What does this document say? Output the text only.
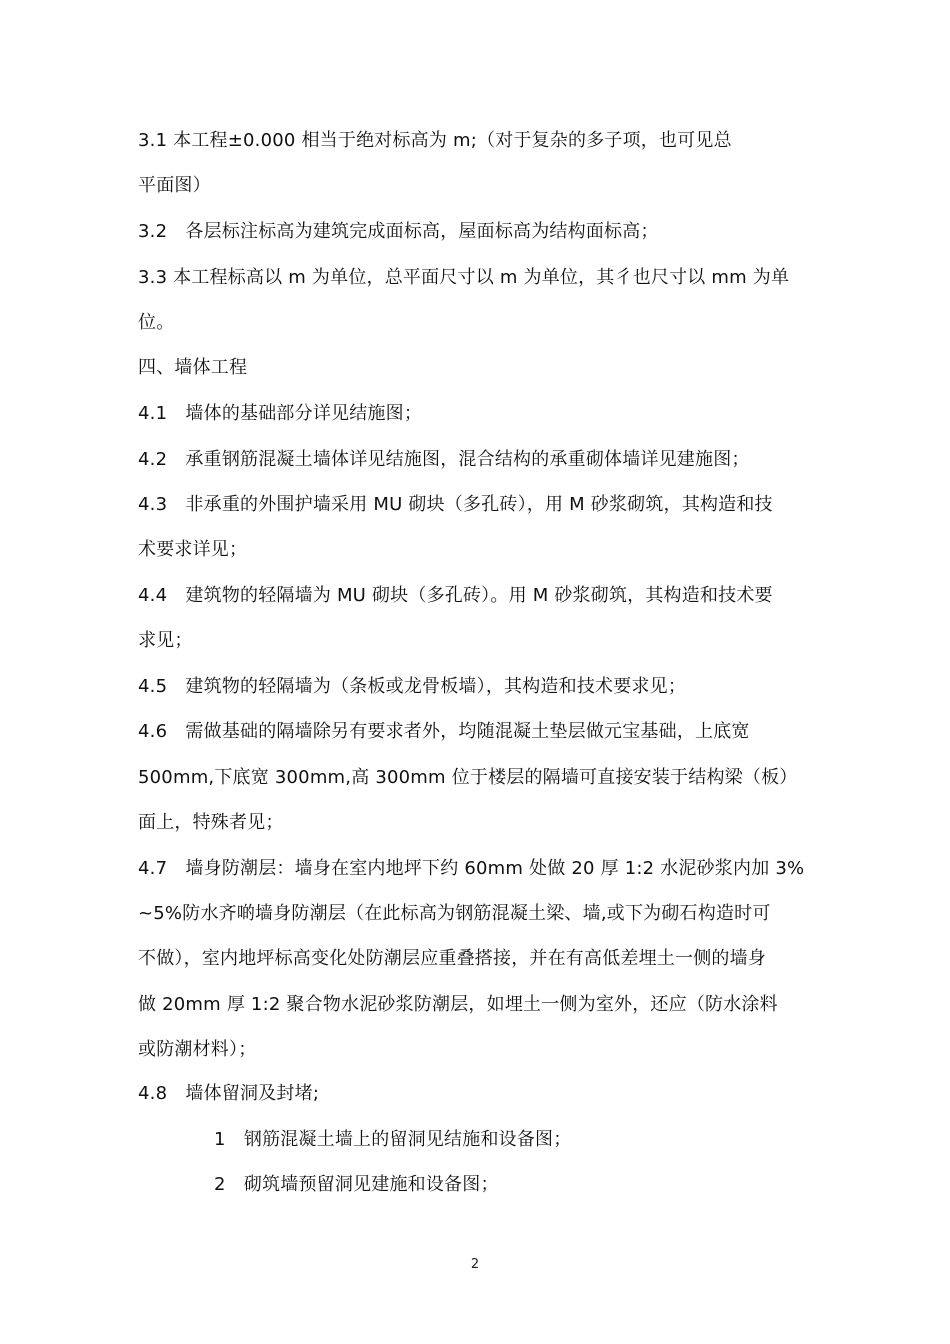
3.1 本工程±0.000 相当于绝对标高为 m;（对于复杂的多子项，也可见总
平面图）
3.2　各层标注标高为建筑完成面标高，屋面标高为结构面标高；
3.3 本工程标高以 m 为单位，总平面尺寸以 m 为单位，其彳也尺寸以 mm 为单
位。
四、墙体工程
4.1　墙体的基础部分详见结施图；
4.2　承重钢筋混凝土墙体详见结施图，混合结构的承重砌体墙详见建施图；
4.3　非承重的外围护墙采用 MU 砌块（多孔砖），用 M 砂浆砌筑，其构造和技
术要求详见；
4.4　建筑物的轻隔墙为 MU 砌块（多孔砖）。用 M 砂浆砌筑，其构造和技术要
求见；
4.5　建筑物的轻隔墙为（条板或龙骨板墙），其构造和技术要求见；
4.6　需做基础的隔墙除另有要求者外，均随混凝土垫层做元宝基础，上底宽
500mm,下底宽 300mm,高 300mm 位于楼层的隔墙可直接安装于结构梁（板）
面上，特殊者见；
4.7　墙身防潮层：墙身在室内地坪下约 60mm 处做 20 厚 1:2 水泥砂浆内加 3%
~5%防水齐啲墙身防潮层（在此标高为钢筋混凝土梁、墙,或下为砌石构造时可
不做），室内地坪标高变化处防潮层应重叠搭接，并在有高低差埋土一侧的墙身
做 20mm 厚 1:2 聚合物水泥砂浆防潮层，如埋土一侧为室外，还应（防水涂料
或防潮材料）；
4.8　墙体留洞及封堵;
1　钢筋混凝土墙上的留洞见结施和设备图；
2　砌筑墙预留洞见建施和设备图；
2
